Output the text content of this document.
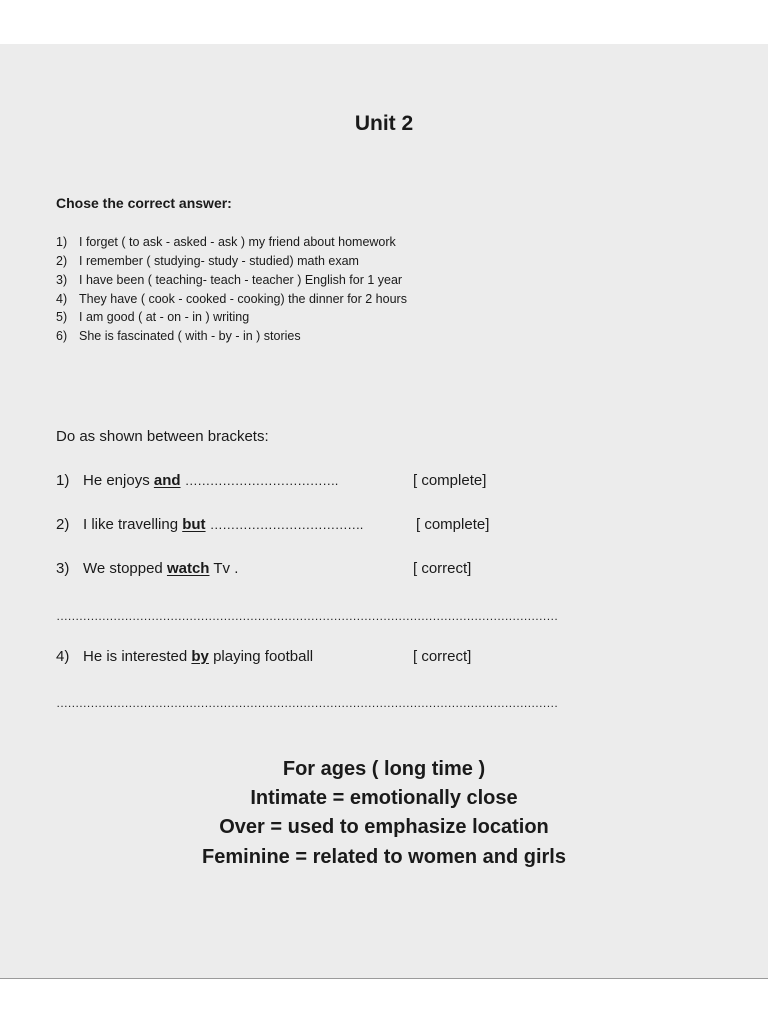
Unit 2
Chose the correct answer:
1) I forget ( to ask - asked - ask ) my friend about homework
2) I remember ( studying- study - studied) math exam
3) I have been ( teaching- teach - teacher ) English for 1 year
4) They have ( cook - cooked - cooking) the dinner for 2 hours
5) I am good ( at - on - in ) writing
6) She is fascinated ( with - by - in ) stories
Do as shown between brackets:
1) He enjoys and ……………………………….	[ complete]
2) I like travelling but ……………………………….	[ complete]
3) We stopped watch Tv .	[ correct]
……………………………………………………………………………………………………………………
4) He is interested by playing football	[ correct]
……………………………………………………………………………………………………………………
For ages ( long time )
Intimate = emotionally close
Over = used to emphasize location
Feminine = related to women and girls
